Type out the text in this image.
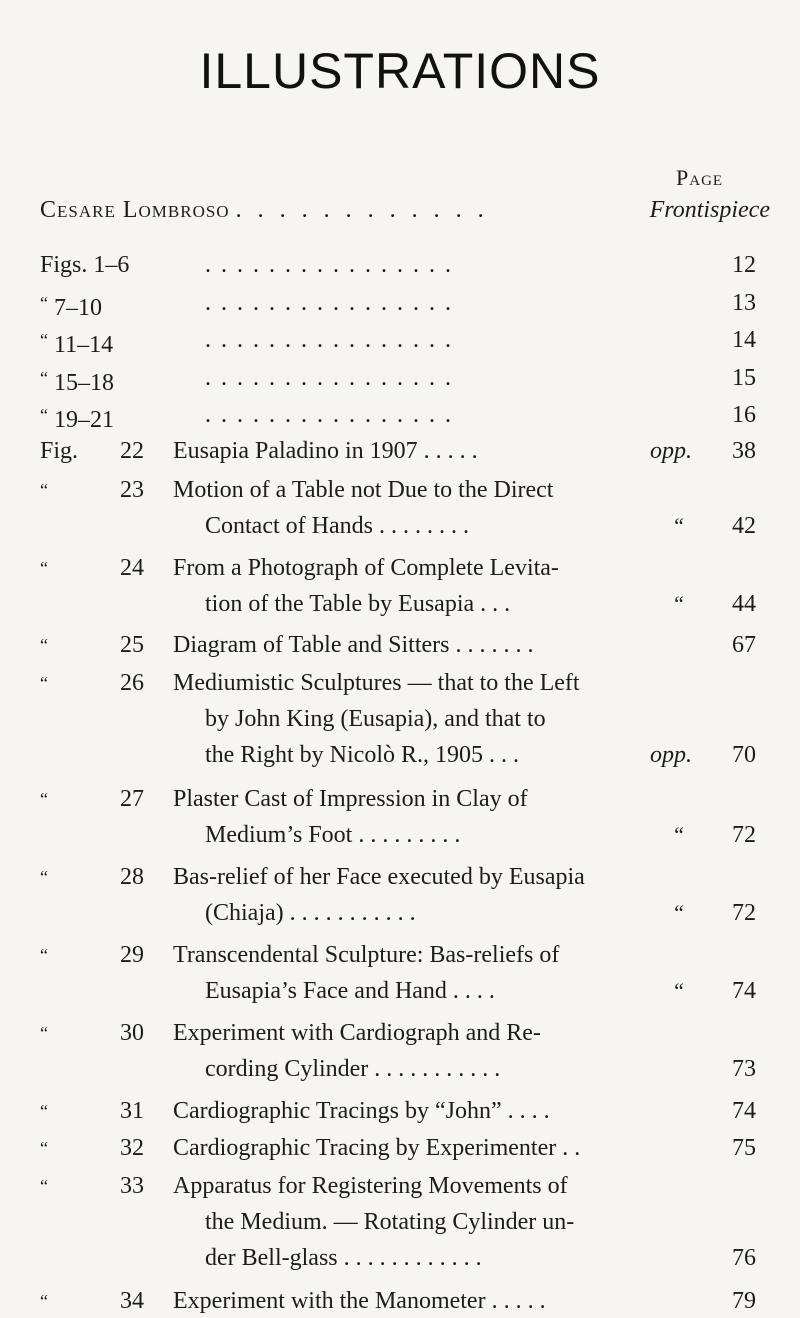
ILLUSTRATIONS
Page
Cesare Lombroso . . . . . . . . . . . .	Frontispiece
Figs. 1–6	................	12
“ 7–10	................	13
“ 11–14	................	14
“ 15–18	................	15
“ 19–21	................	16
Fig. 22 Eusapia Paladino in 1907 . . . . .	opp.	38
“	23 Motion of a Table not Due to the Direct
Contact of Hands . . . . . . . .	“	42
“	24 From a Photograph of Complete Levita-
tion of the Table by Eusapia . . .	“	44
“	25 Diagram of Table and Sitters . . . . . . .	67
“	26 Mediumistic Sculptures — that to the Left
by John King (Eusapia), and that to
the Right by Nicolò R., 1905 . . .	opp.	70
“	27 Plaster Cast of Impression in Clay of
Medium’s Foot . . . . . . . . .	“	72
“	28 Bas-relief of her Face executed by Eusapia
(Chiaja) . . . . . . . . . . .	“	72
“	29 Transcendental Sculpture: Bas-reliefs of
Eusapia’s Face and Hand . . . .	“	74
“	30 Experiment with Cardiograph and Re-
cording Cylinder . . . . . . . . . . .	73
“	31 Cardiographic Tracings by “John” . . . .	74
“	32 Cardiographic Tracing by Experimenter . .	75
“	33 Apparatus for Registering Movements of
the Medium. — Rotating Cylinder un-
der Bell-glass . . . . . . . . . . . .	76
“	34 Experiment with the Manometer . . . . .	79
